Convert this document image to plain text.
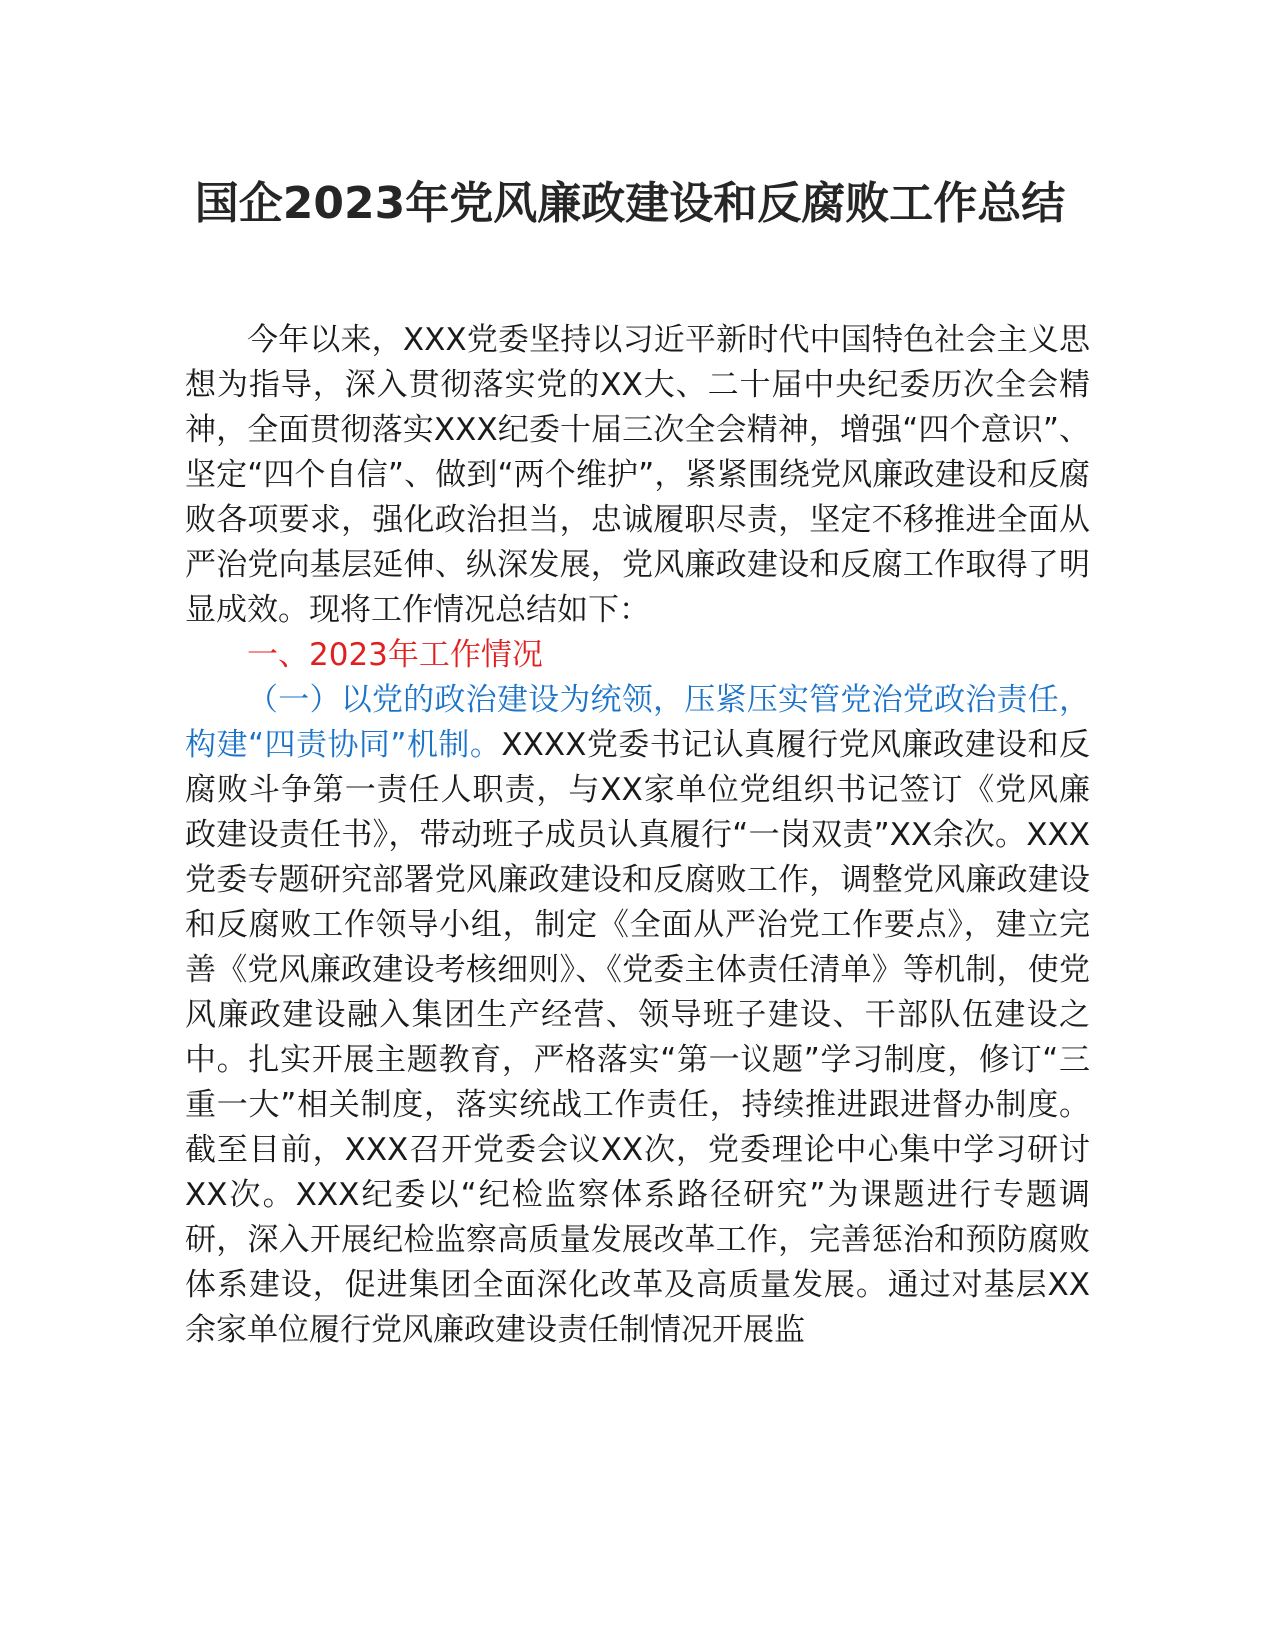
国企2023年党风廉政建设和反腐败工作总结

今年以来，XXX党委坚持以习近平新时代中国特色社会主义思想为指导，深入贯彻落实党的XX大、二十届中央纪委历次全会精神，全面贯彻落实XXX纪委十届三次全会精神，增强“四个意识”、坚定“四个自信”、做到“两个维护”，紧紧围绕党风廉政建设和反腐败各项要求，强化政治担当，忠诚履职尽责，坚定不移推进全面从严治党向基层延伸、纵深发展，党风廉政建设和反腐工作取得了明显成效。现将工作情况总结如下：

一、2023年工作情况

（一）以党的政治建设为统领，压紧压实管党治党政治责任，构建“四责协同”机制。XXXX党委书记认真履行党风廉政建设和反腐败斗争第一责任人职责，与XX家单位党组织书记签订《党风廉政建设责任书》，带动班子成员认真履行“一岗双责”XX余次。XXX党委专题研究部署党风廉政建设和反腐败工作，调整党风廉政建设和反腐败工作领导小组，制定《全面从严治党工作要点》，建立完善《党风廉政建设考核细则》、《党委主体责任清单》等机制，使党风廉政建设融入集团生产经营、领导班子建设、干部队伍建设之中。扎实开展主题教育，严格落实“第一议题”学习制度，修订“三重一大”相关制度，落实统战工作责任，持续推进跟进督办制度。截至目前，XXX召开党委会议XX次，党委理论中心集中学习研讨XX次。XXX纪委以“纪检监察体系路径研究”为课题进行专题调研，深入开展纪检监察高质量发展改革工作，完善惩治和预防腐败体系建设，促进集团全面深化改革及高质量发展。通过对基层XX余家单位履行党风廉政建设责任制情况开展监
